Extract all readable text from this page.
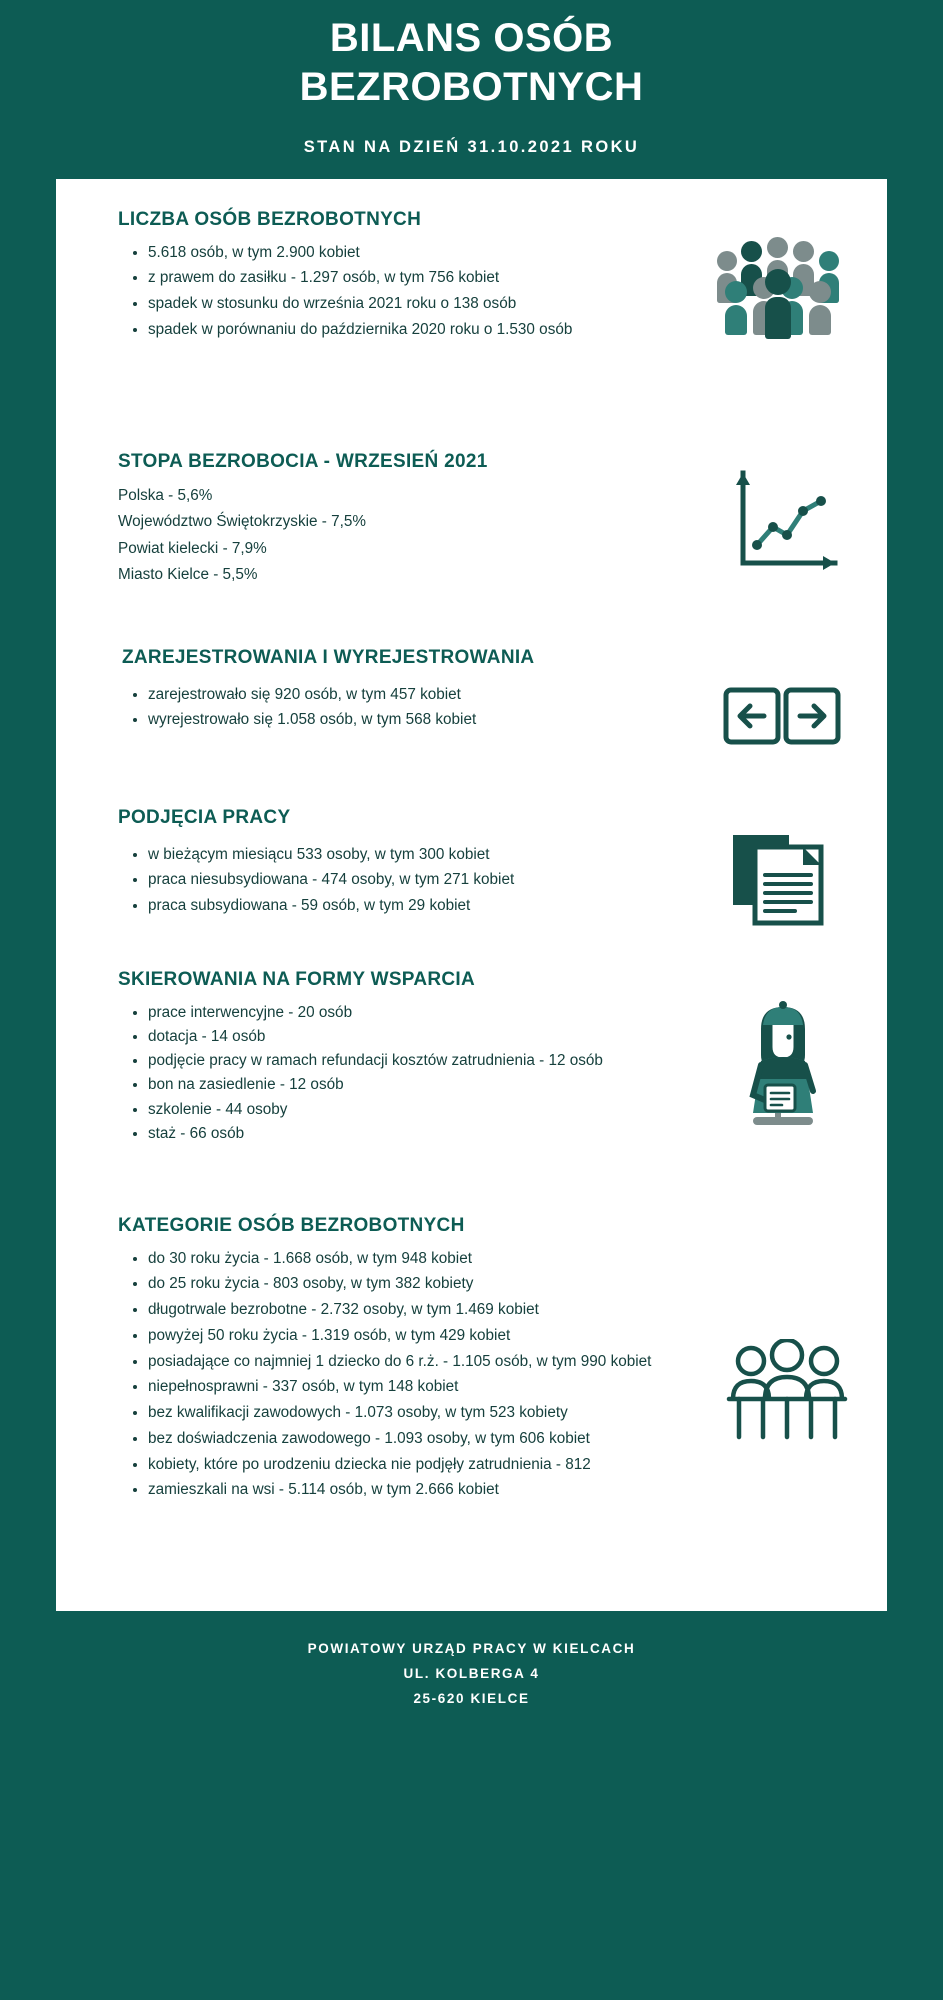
BILANS OSÓB
BEZROBOTNYCH
STAN NA DZIEŃ 31.10.2021 ROKU
LICZBA OSÓB BEZROBOTNYCH
• 5.618 osób, w tym 2.900 kobiet
• z prawem do zasiłku - 1.297 osób, w tym 756 kobiet
• spadek w stosunku do września 2021 roku o 138 osób
• spadek w porównaniu do października 2020 roku o 1.530 osób
STOPA BEZROBOCIA - WRZESIEŃ 2021
Polska - 5,6%
Województwo Świętokrzyskie - 7,5%
Powiat kielecki - 7,9%
Miasto Kielce - 5,5%
ZAREJESTROWANIA I WYREJESTROWANIA
• zarejestrowało się 920 osób, w tym 457 kobiet
• wyrejestrowało się 1.058 osób, w tym 568 kobiet
PODJĘCIA PRACY
• w bieżącym miesiącu 533 osoby, w tym 300 kobiet
• praca niesubsydiowana - 474 osoby, w tym 271 kobiet
• praca subsydiowana - 59 osób, w tym 29 kobiet
SKIEROWANIA NA FORMY WSPARCIA
• prace interwencyjne - 20 osób
• dotacja - 14 osób
• podjęcie pracy w ramach refundacji kosztów zatrudnienia - 12 osób
• bon na zasiedlenie - 12 osób
• szkolenie - 44 osoby
• staż - 66 osób
KATEGORIE OSÓB BEZROBOTNYCH
• do 30 roku życia - 1.668 osób, w tym 948 kobiet
• do 25 roku życia - 803 osoby, w tym 382 kobiety
• długotrwale bezrobotne - 2.732 osoby, w tym 1.469 kobiet
• powyżej 50 roku życia - 1.319 osób, w tym 429 kobiet
• posiadające co najmniej 1 dziecko do 6 r.ż. - 1.105 osób, w tym 990 kobiet
• niepełnosprawni - 337 osób, w tym 148 kobiet
• bez kwalifikacji zawodowych - 1.073 osoby, w tym 523 kobiety
• bez doświadczenia zawodowego - 1.093 osoby, w tym 606 kobiet
• kobiety, które po urodzeniu dziecka nie podjęły zatrudnienia - 812
• zamieszkali na wsi - 5.114 osób, w tym 2.666 kobiet
POWIATOWY URZĄD PRACY W KIELCACH
UL. KOLBERGA 4
25-620 KIELCE
